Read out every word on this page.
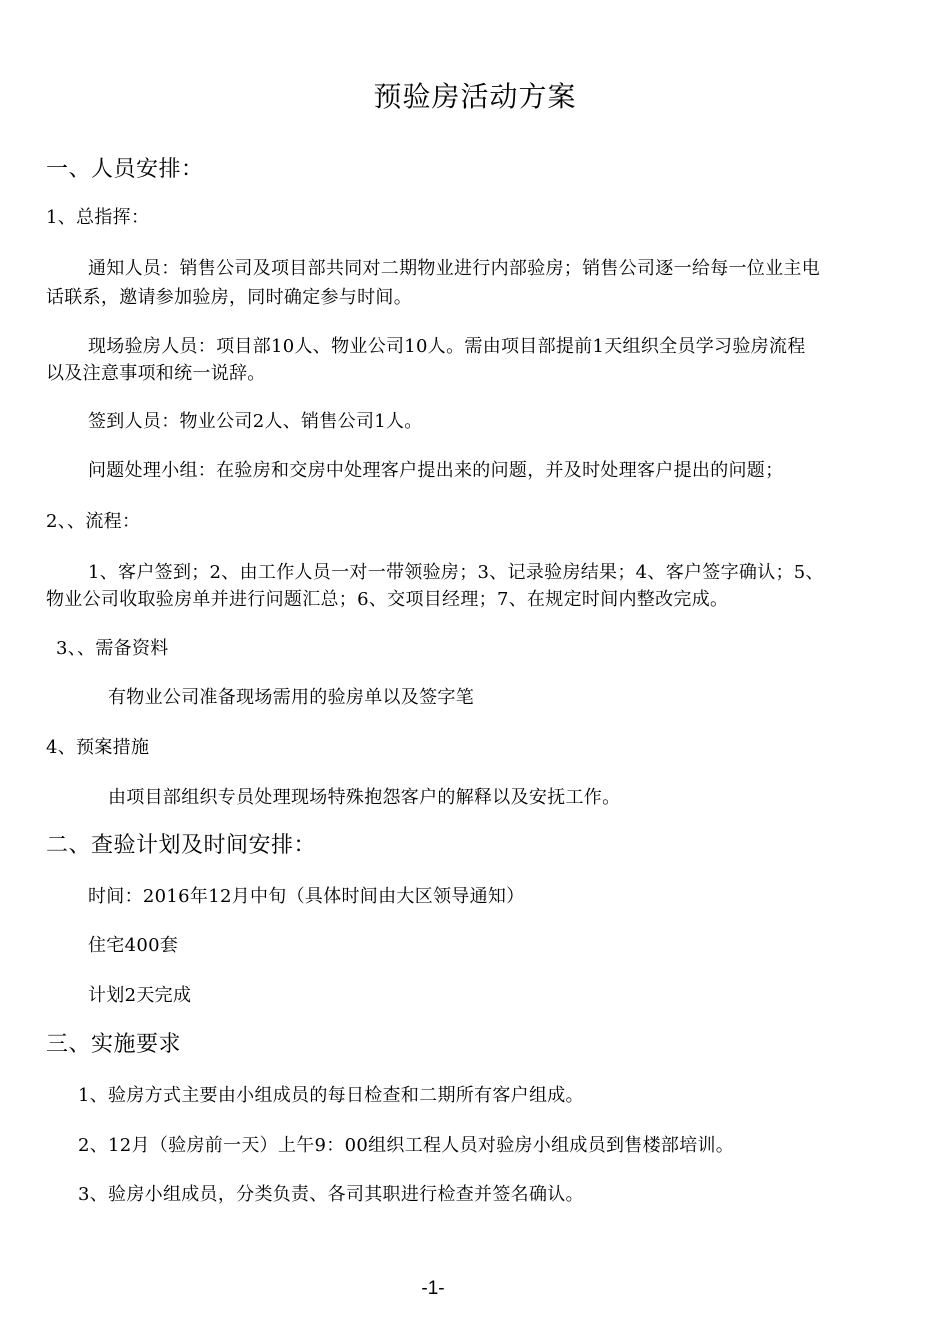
预验房活动方案
一、人员安排：
1、总指挥：
通知人员：销售公司及项目部共同对二期物业进行内部验房；销售公司逐一给每一位业主电
话联系，邀请参加验房，同时确定参与时间。
现场验房人员：项目部10人、物业公司10人。需由项目部提前1天组织全员学习验房流程
以及注意事项和统一说辞。
签到人员：物业公司2人、销售公司1人。
问题处理小组：在验房和交房中处理客户提出来的问题，并及时处理客户提出的问题；
2、、流程：
1、客户签到；2、由工作人员一对一带领验房；3、记录验房结果；4、客户签字确认；5、
物业公司收取验房单并进行问题汇总；6、交项目经理；7、在规定时间内整改完成。
3、、需备资料
有物业公司准备现场需用的验房单以及签字笔
4、预案措施
由项目部组织专员处理现场特殊抱怨客户的解释以及安抚工作。
二、查验计划及时间安排：
时间：2016年12月中旬（具体时间由大区领导通知）
住宅400套
计划2天完成
三、实施要求
1、验房方式主要由小组成员的每日检查和二期所有客户组成。
2、12月（验房前一天）上午9：00组织工程人员对验房小组成员到售楼部培训。
3、验房小组成员，分类负责、各司其职进行检查并签名确认。
-1-
